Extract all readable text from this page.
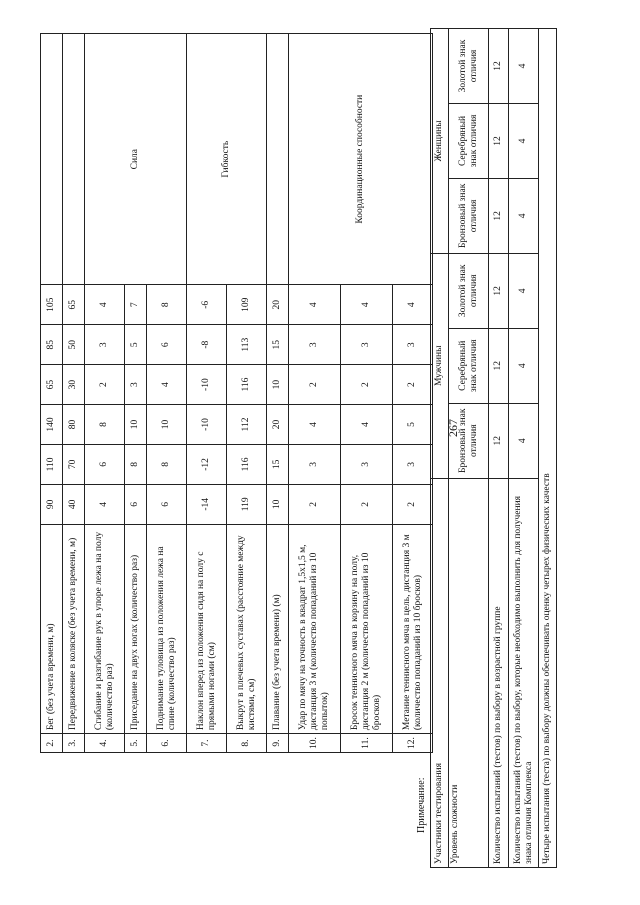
267
2.	Бег (без учета времени, м)	90	110	140	65	85	105	
3.	Передвижение в коляске (без учета времени, м)	40	70	80	30	50	65	
4.	Сгибание и разгибание рук в упоре лежа на полу (количество раз)	4	6	8	2	3	4	Сила
5.	Приседание на двух ногах (количество раз)	6	8	10	3	5	7	
6.	Поднимание туловища из положения лежа на спине (количество раз)	6	8	10	4	6	8	
7.	Наклон вперед из положения сидя на полу с прямыми ногами (см)	-14	-12	-10	-10	-8	-6	Гибкость
8.	Выкрут в плечевых суставах (расстояние между кистями, см)	119	116	112	116	113	109	
9.	Плавание (без учета времени) (м)	10	15	20	10	15	20	
10.	Удар по мячу на точность в квадрат 1,5х1,5 м, дистанция 3 м (количество попаданий из 10 попыток)	2	3	4	2	3	4	Координационные способности
11.	Бросок теннисного мяча в корзину на полу, дистанция 2 м (количество попаданий из 10 бросков)	2	3	4	2	3	4	
12.	Метание теннисного мяча в цель, дистанция 3 м (количество попаданий из 10 бросков)	2	3	5	2	3	4	
Примечание: Участники тестирования	Мужчины			Женщины		
Уровень сложности	Бронзовый знак отличия	Серебряный знак отличия	Золотой знак отличия	Бронзовый знак отличия	Серебряный знак отличия	Золотой знак отличия
Количество испытаний (тестов) по выбору в возрастной группе	12	12	12	12	12	12
Количество испытаний (тестов) по выбору, которые необходимо выполнить для получения знака отличия Комплекса	4	4	4	4	4	4
Четыре испытания (теста) по выбору должны обеспечивать оценку четырех физических качеств						
